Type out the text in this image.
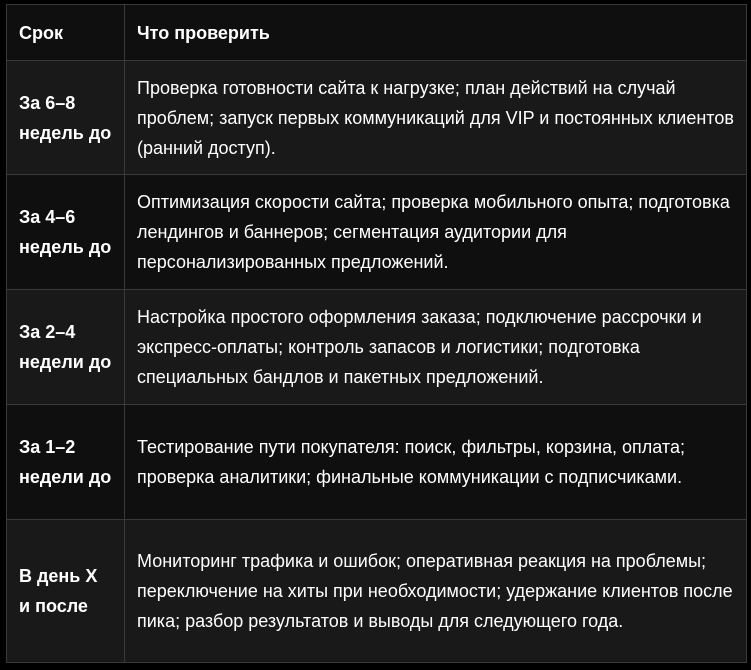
Срок	Что проверить
За 6–8 недель до	Проверка готовности сайта к нагрузке; план действий на случай проблем; запуск первых коммуникаций для VIP и постоянных клиентов (ранний доступ).
За 4–6 недель до	Оптимизация скорости сайта; проверка мобильного опыта; подготовка лендингов и баннеров; сегментация аудитории для персонализированных предложений.
За 2–4 недели до	Настройка простого оформления заказа; подключение рассрочки и экспресс-оплаты; контроль запасов и логистики; подготовка специальных бандлов и пакетных предложений.
За 1–2 недели до	Тестирование пути покупателя: поиск, фильтры, корзина, оплата; проверка аналитики; финальные коммуникации с подписчиками.
В день X и после	Мониторинг трафика и ошибок; оперативная реакция на проблемы; переключение на хиты при необходимости; удержание клиентов после пика; разбор результатов и выводы для следующего года.
